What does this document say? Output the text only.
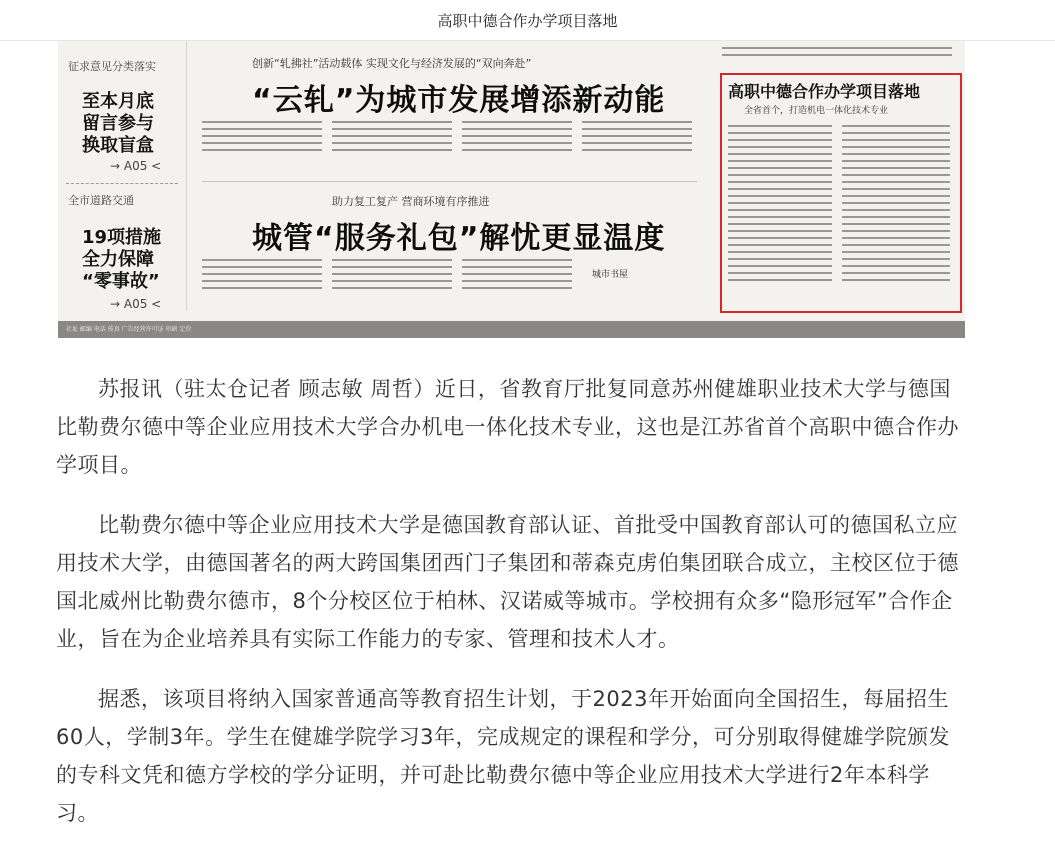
高职中德合作办学项目落地
征求意见分类落实
至本月底
留言参与
换取盲盒
→ A05 <
全市道路交通
19项措施
全力保障
“零事故”
→ A05 <
创新“轧拂社”活动载体 实现文化与经济发展的“双向奔赴”
“云轧”为城市发展增添新动能
助力复工复产 营商环境有序推进
城管“服务礼包”解忧更显温度
城市书屋
高职中德合作办学项目落地
全省首个，打造机电一体化技术专业
社址 邮编 电话 传真 广告经营许可证 印刷 定价

苏报讯（驻太仓记者 顾志敏 周哲）近日，省教育厅批复同意苏州健雄职业技术大学与德国比勒费尔德中等企业应用技术大学合办机电一体化技术专业，这也是江苏省首个高职中德合作办学项目。

比勒费尔德中等企业应用技术大学是德国教育部认证、首批受中国教育部认可的德国私立应用技术大学，由德国著名的两大跨国集团西门子集团和蒂森克虏伯集团联合成立，主校区位于德国北威州比勒费尔德市，8个分校区位于柏林、汉诺威等城市。学校拥有众多“隐形冠军”合作企业，旨在为企业培养具有实际工作能力的专家、管理和技术人才。

据悉，该项目将纳入国家普通高等教育招生计划，于2023年开始面向全国招生，每届招生60人，学制3年。学生在健雄学院学习3年，完成规定的课程和学分，可分别取得健雄学院颁发的专科文凭和德方学校的学分证明，并可赴比勒费尔德中等企业应用技术大学进行2年本科学习。
